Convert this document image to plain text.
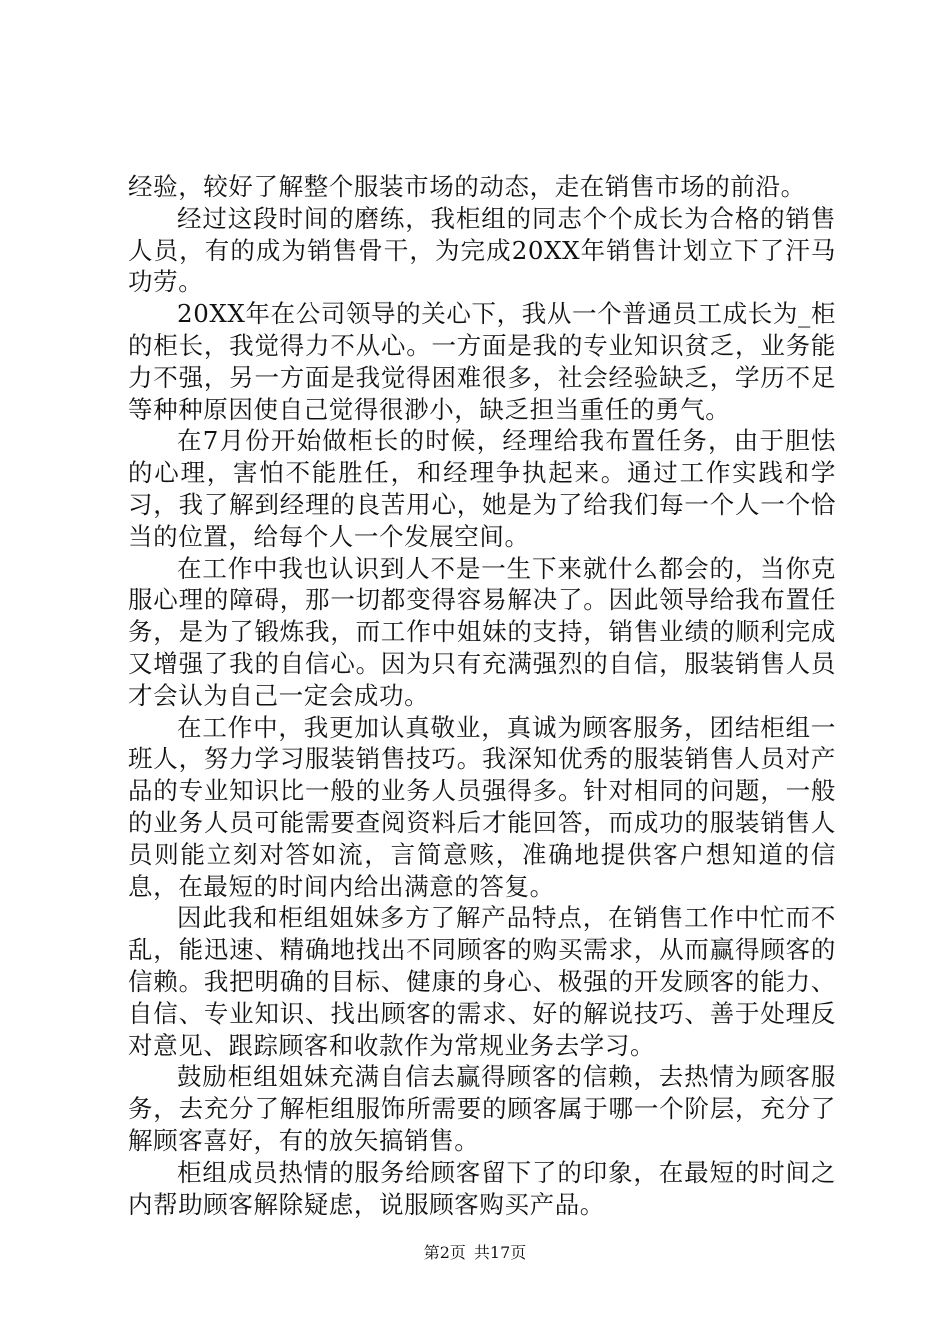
经验，较好了解整个服装市场的动态，走在销售市场的前沿。

经过这段时间的磨练，我柜组的同志个个成长为合格的销售人员，有的成为销售骨干，为完成20XX年销售计划立下了汗马功劳。

20XX年在公司领导的关心下，我从一个普通员工成长为_柜的柜长，我觉得力不从心。一方面是我的专业知识贫乏，业务能力不强，另一方面是我觉得困难很多，社会经验缺乏，学历不足等种种原因使自己觉得很渺小，缺乏担当重任的勇气。

在7月份开始做柜长的时候，经理给我布置任务，由于胆怯的心理，害怕不能胜任，和经理争执起来。通过工作实践和学习，我了解到经理的良苦用心，她是为了给我们每一个人一个恰当的位置，给每个人一个发展空间。

在工作中我也认识到人不是一生下来就什么都会的，当你克服心理的障碍，那一切都变得容易解决了。因此领导给我布置任务，是为了锻炼我，而工作中姐妹的支持，销售业绩的顺利完成又增强了我的自信心。因为只有充满强烈的自信，服装销售人员才会认为自己一定会成功。

在工作中，我更加认真敬业，真诚为顾客服务，团结柜组一班人，努力学习服装销售技巧。我深知优秀的服装销售人员对产品的专业知识比一般的业务人员强得多。针对相同的问题，一般的业务人员可能需要查阅资料后才能回答，而成功的服装销售人员则能立刻对答如流，言简意赅，准确地提供客户想知道的信息，在最短的时间内给出满意的答复。

因此我和柜组姐妹多方了解产品特点，在销售工作中忙而不乱，能迅速、精确地找出不同顾客的购买需求，从而赢得顾客的信赖。我把明确的目标、健康的身心、极强的开发顾客的能力、自信、专业知识、找出顾客的需求、好的解说技巧、善于处理反对意见、跟踪顾客和收款作为常规业务去学习。

鼓励柜组姐妹充满自信去赢得顾客的信赖，去热情为顾客服务，去充分了解柜组服饰所需要的顾客属于哪一个阶层，充分了解顾客喜好，有的放矢搞销售。

柜组成员热情的服务给顾客留下了的印象，在最短的时间之内帮助顾客解除疑虑，说服顾客购买产品。

第2页 共17页
